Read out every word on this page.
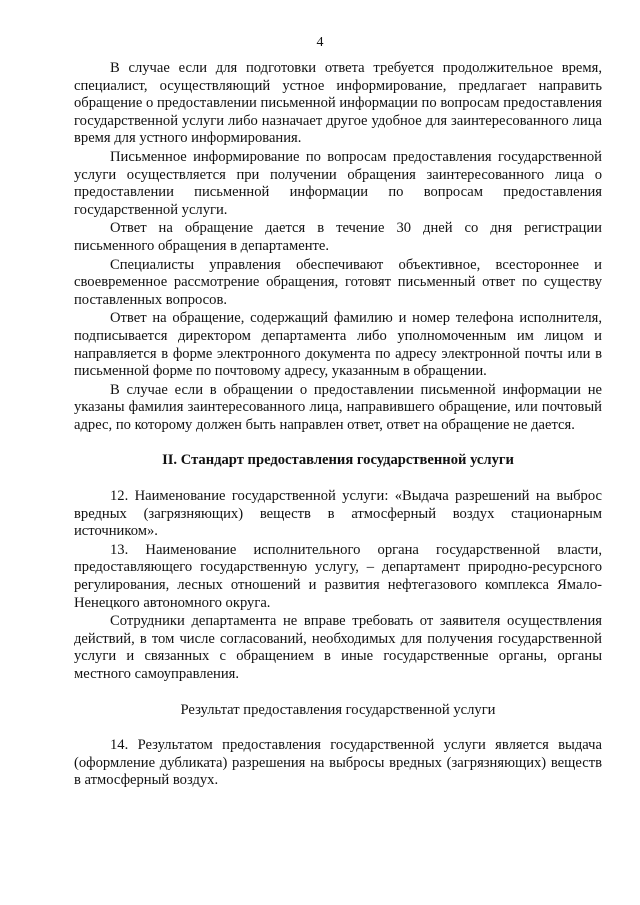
4

В случае если для подготовки ответа требуется продолжительное время, специалист, осуществляющий устное информирование, предлагает направить обращение о предоставлении письменной информации по вопросам предоставления государственной услуги либо назначает другое удобное для заинтересованного лица время для устного информирования.

Письменное информирование по вопросам предоставления государственной услуги осуществляется при получении обращения заинтересованного лица о предоставлении письменной информации по вопросам предоставления государственной услуги.

Ответ на обращение дается в течение 30 дней со дня регистрации письменного обращения в департаменте.

Специалисты управления обеспечивают объективное, всестороннее и своевременное рассмотрение обращения, готовят письменный ответ по существу поставленных вопросов.

Ответ на обращение, содержащий фамилию и номер телефона исполнителя, подписывается директором департамента либо уполномоченным им лицом и направляется в форме электронного документа по адресу электронной почты или в письменной форме по почтовому адресу, указанным в обращении.

В случае если в обращении о предоставлении письменной информации не указаны фамилия заинтересованного лица, направившего обращение, или почтовый адрес, по которому должен быть направлен ответ, ответ на обращение не дается.

II. Стандарт предоставления государственной услуги

12. Наименование государственной услуги: «Выдача разрешений на выброс вредных (загрязняющих) веществ в атмосферный воздух стационарным источником».

13. Наименование исполнительного органа государственной власти, предоставляющего государственную услугу, – департамент природно-ресурсного регулирования, лесных отношений и развития нефтегазового комплекса Ямало-Ненецкого автономного округа.

Сотрудники департамента не вправе требовать от заявителя осуществления действий, в том числе согласований, необходимых для получения государственной услуги и связанных с обращением в иные государственные органы, органы местного самоуправления.

Результат предоставления государственной услуги

14. Результатом предоставления государственной услуги является выдача (оформление дубликата) разрешения на выбросы вредных (загрязняющих) веществ в атмосферный воздух.
